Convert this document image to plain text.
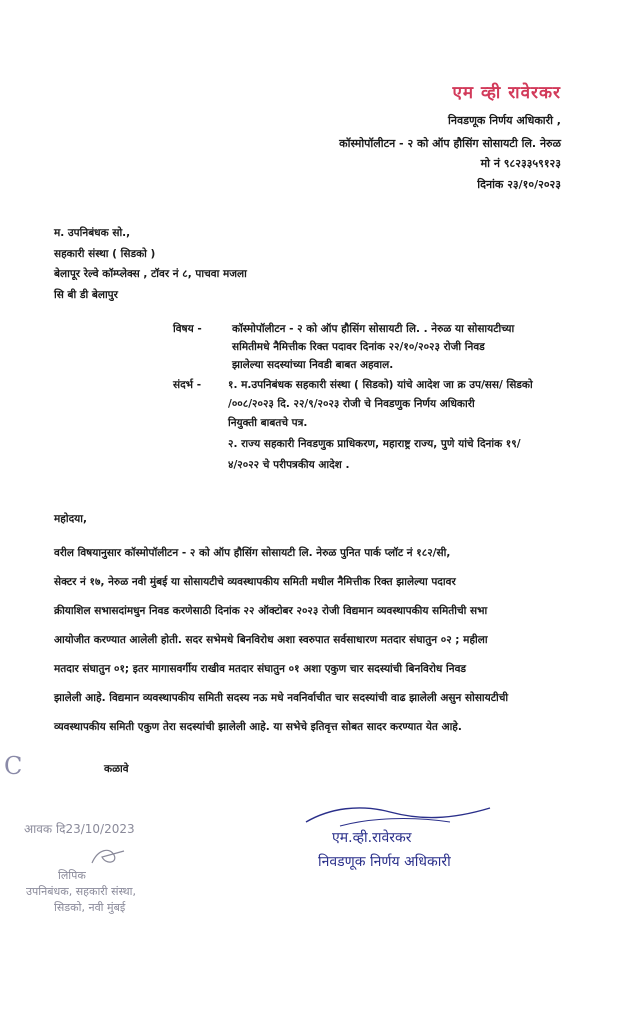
एम व्ही रावेरकर
निवडणूक निर्णय अधिकारी ,
कॉस्मोपॉलीटन - २ को ऑप हौसिंग सोसायटी लि. नेरुळ
मो नं ९८२३३५९१२३
दिनांक २३/१०/२०२३
म. उपनिबंधक सो.,
सहकारी संस्था ( सिडको )
बेलापूर रेल्वे कॉम्प्लेक्स , टॉवर नं ८, पाचवा मजला
सि बी डी बेलापुर
विषय -	कॉस्मोपॉलीटन - २ को ऑप हौसिंग सोसायटी लि. . नेरुळ या सोसायटीच्या
समितीमधे नैमित्तीक रिक्त पदावर दिनांक २२/१०/२०२३ रोजी निवड
झालेल्या सदस्यांच्या निवडी बाबत अहवाल.
संदर्भ -	१. म.उपनिबंधक सहकारी संस्था ( सिडको) यांचे आदेश जा क्र उप/सस/ सिडको
/००८/२०२३ दि. २२/९/२०२३ रोजी चे निवडणुक निर्णय अधिकारी
नियुक्ती बाबतचे पत्र.
२. राज्य सहकारी निवडणुक प्राधिकरण, महाराष्ट्र राज्य, पुणे यांचे दिनांक १९/
४/२०२२ चे परीपत्रकीय आदेश .
महोदया,
वरील विषयानुसार कॉस्मोपॉलीटन - २ को ऑप हौसिंग सोसायटी लि. नेरुळ पुनित पार्क प्लॉट नं १८२/सी,
सेक्टर नं १७, नेरुळ नवी मुंबई या सोसायटीचे व्यवस्थापकीय समिती मधील नैमित्तीक रिक्त झालेल्या पदावर
क्रीयाशिल सभासदांमधुन निवड करणेसाठी दिनांक २२ ऑक्टोबर २०२३ रोजी विद्यमान व्यवस्थापकीय समितीची सभा
आयोजीत करण्यात आलेली होती. सदर सभेमधे बिनविरोध अशा स्वरुपात सर्वसाधारण मतदार संघातुन ०२ ; महीला
मतदार संघातुन ०१; इतर मागासवर्गीय राखीव मतदार संघातुन ०१ अशा एकुण चार सदस्यांची बिनविरोध निवड
झालेली आहे. विद्यमान व्यवस्थापकीय समिती सदस्य नऊ मधे नवनिर्वाचीत चार सदस्यांची वाढ झालेली असुन सोसायटीची
व्यवस्थापकीय समिती एकुण तेरा सदस्यांची झालेली आहे. या सभेचे इतिवृत्त सोबत सादर करण्यात येत आहे.
C	कळावे
एम.व्ही.रावेरकर
निवडणूक निर्णय अधिकारी
आवक दि23/10/2023
लिपिक
उपनिबंधक, सहकारी संस्था,
सिडको, नवी मुंबई
